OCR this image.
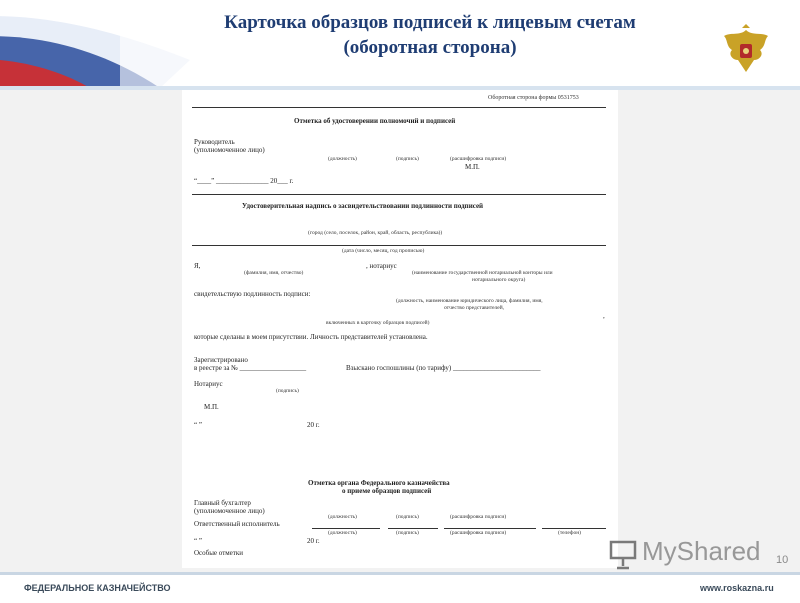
Карточка образцов подписей к лицевым счетам
(оборотная сторона)
Оборотная сторона формы 0531753
Отметка об удостоверении полномочий и подписей
Руководитель
(уполномоченное лицо)
(должность)	(подпись)	(расшифровка подписи)
М.П.
“____” _______________ 20___ г.
Удостоверительная надпись о засвидетельствовании подлинности подписей
(город (село, поселок, район, край, область, республика))
(дата (число, месяц, год прописью)
Я,	, нотариус
(фамилия, имя, отчество)	(наименование государственной нотариальной конторы или
нотариального округа)
свидетельствую подлинность подписи:
(должность, наименование юридического лица, фамилия, имя,
отчество представителей,
,
включенных в карточку образцов подписей)
которые сделаны в моем присутствии. Личность представителей установлена.
Зарегистрировано
в реестре за № ___________________	Взыскано госпошлины (по тарифу) _________________________
Нотариус
(подпись)
М.П.
“ ”	20 г.
Отметка органа Федерального казначейства
о приеме образцов подписей
Главный бухгалтер
(уполномоченное лицо)
(должность)	(подпись)	(расшифровка подписи)
Ответственный исполнитель
(должность)	(подпись)	(расшифровка подписи)	(телефон)
“ ”	20 г.
Особые отметки	MyShared 10
ФЕДЕРАЛЬНОЕ КАЗНАЧЕЙСТВО	www.roskazna.ru
